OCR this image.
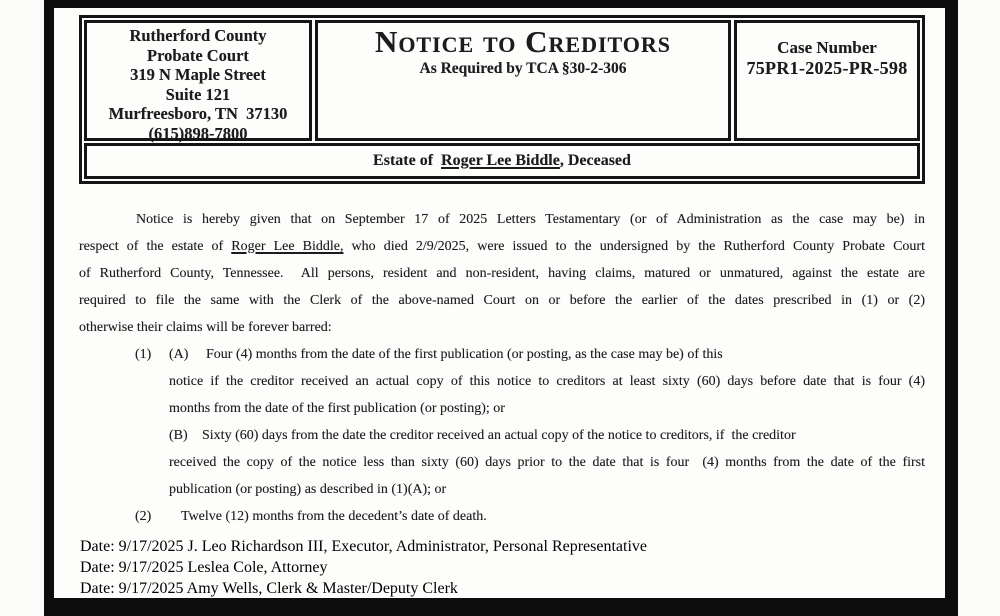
Rutherford County
Probate Court
319 N Maple Street
Suite 121
Murfreesboro, TN  37130
(615)898-7800
Notice to Creditors
As Required by TCA §30-2-306
Case Number
75PR1-2025-PR-598
Estate of  Roger Lee Biddle, Deceased
Notice is hereby given that on September 17 of 2025 Letters Testamentary (or of Administration as the case may be) in
respect of the estate of Roger Lee Biddle, who died 2/9/2025, were issued to the undersigned by the Rutherford County Probate Court
of Rutherford County, Tennessee.  All persons, resident and non-resident, having claims, matured or unmatured, against the estate are
required to file the same with the Clerk of the above-named Court on or before the earlier of the dates prescribed in (1) or (2)
otherwise their claims will be forever barred:
(1) (A) Four (4) months from the date of the first publication (or posting, as the case may be) of this
notice if the creditor received an actual copy of this notice to creditors at least sixty (60) days before date that is four (4)
months from the date of the first publication (or posting); or
(B) Sixty (60) days from the date the creditor received an actual copy of the notice to creditors, if  the creditor
received the copy of the notice less than sixty (60) days prior to the date that is four  (4) months from the date of the first
publication (or posting) as described in (1)(A); or
(2) Twelve (12) months from the decedent’s date of death.
Date: 9/17/2025 J. Leo Richardson III, Executor, Administrator, Personal Representative
Date: 9/17/2025 Leslea Cole, Attorney
Date: 9/17/2025 Amy Wells, Clerk & Master/Deputy Clerk
